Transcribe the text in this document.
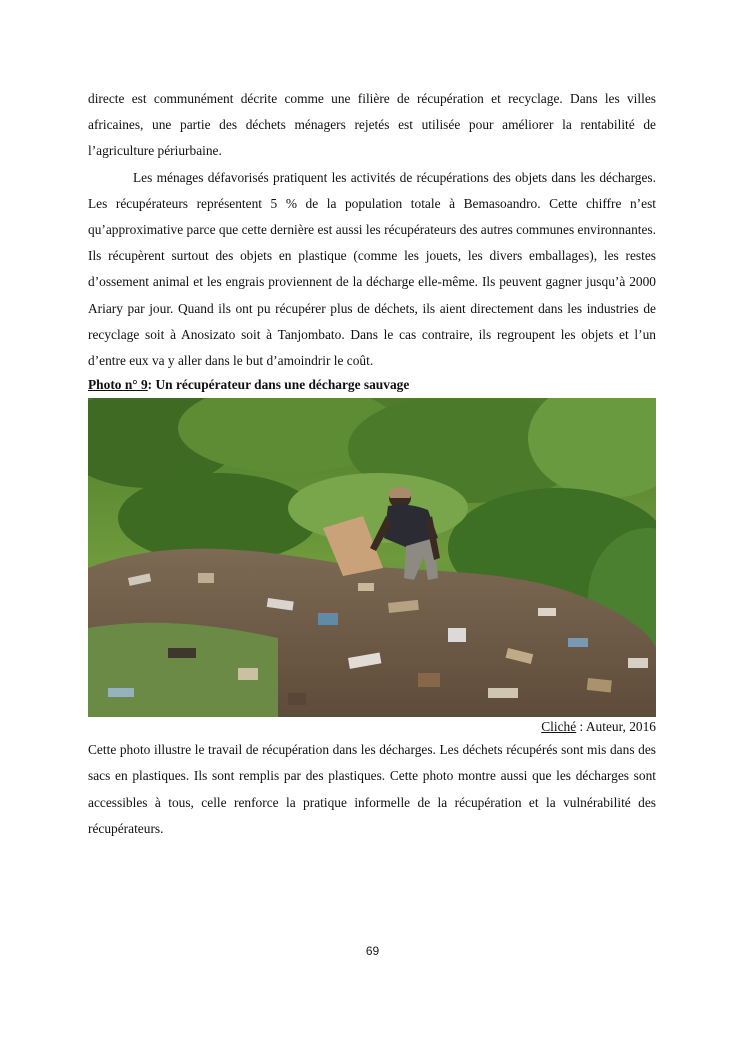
directe est communément décrite comme une filière de récupération et recyclage. Dans les villes africaines, une partie des déchets ménagers rejetés est utilisée pour améliorer la rentabilité de l’agriculture périurbaine.

Les ménages défavorisés pratiquent les activités de récupérations des objets dans les décharges. Les récupérateurs représentent 5 % de la population totale à Bemasoandro. Cette chiffre n’est qu’approximative parce que cette dernière est aussi les récupérateurs des autres communes environnantes. Ils récupèrent surtout des objets en plastique (comme les jouets, les divers emballages), les restes d’ossement animal et les engrais proviennent de la décharge elle-même. Ils peuvent gagner jusqu’à 2000 Ariary par jour. Quand ils ont pu récupérer plus de déchets, ils aient directement dans les industries de recyclage soit à Anosizato soit à Tanjombato. Dans le cas contraire, ils regroupent les objets et l’un d’entre eux va y aller dans le but d’amoindrir le coût.

Photo n° 9: Un récupérateur dans une décharge sauvage

Cliché : Auteur, 2016

Cette photo illustre le travail de récupération dans les décharges. Les déchets récupérés sont mis dans des sacs en plastiques. Ils sont remplis par des plastiques. Cette photo montre aussi que les décharges sont accessibles à tous, celle renforce la pratique informelle de la récupération et la vulnérabilité des récupérateurs.

69
